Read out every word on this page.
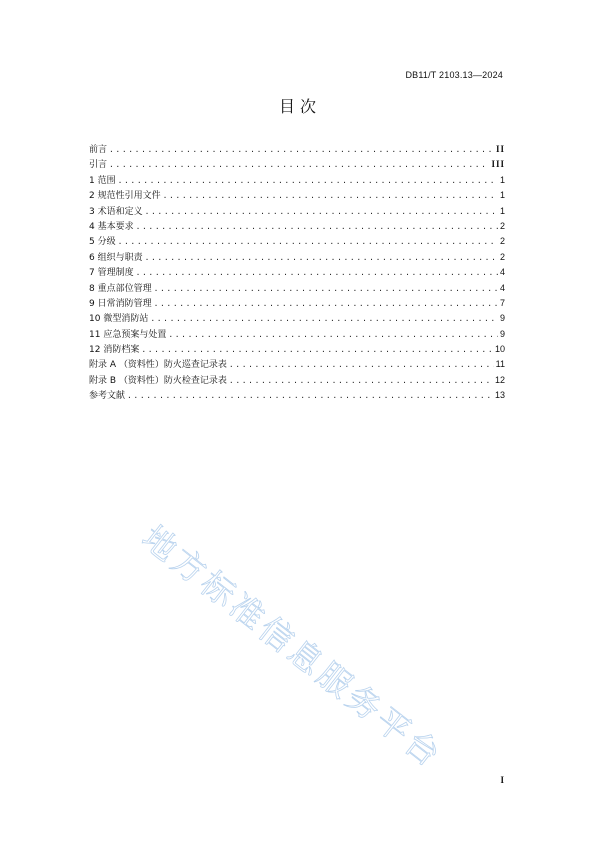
DB11/T 2103.13—2024
目 次
前言 .....	II
引言 .....	III
1 范围 .....	1
2 规范性引用文件 .....	1
3 术语和定义 .....	1
4 基本要求 .....	2
5 分级 .....	2
6 组织与职责 .....	2
7 管理制度 .....	4
8 重点部位管理 .....	4
9 日常消防管理 .....	7
10 微型消防站 .....	9
11 应急预案与处置 .....	9
12 消防档案 .....	10
附录 A （资料性）防火巡查记录表 .....	11
附录 B （资料性）防火检查记录表 .....	12
参考文献 .....	13
地方标准信息服务平台
I
